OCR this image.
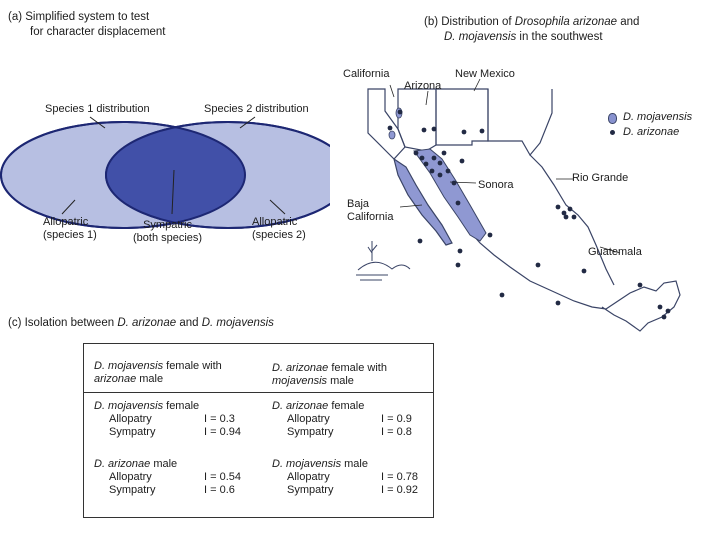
(a) Simplified system to test
for character displacement
Species 1 distribution	Species 2 distribution
Allopatric
(species 1)
Sympatric
(both species)
Allopatric
(species 2)
(b) Distribution of Drosophila arizonae and
D. mojavensis in the southwest
California
Arizona
New Mexico
Sonora
Baja
California
Rio Grande
Guatemala
D. mojavensis
D. arizonae
(c) Isolation between D. arizonae and D. mojavensis
D. mojavensis female with
arizonae male
D. arizonae female with
mojavensis male
D. mojavensis female
Allopatry	I = 0.3
Sympatry	I = 0.94
D. arizonae female
Allopatry	I = 0.9
Sympatry	I = 0.8
D. arizonae male
Allopatry	I = 0.54
Sympatry	I = 0.6
D. mojavensis male
Allopatry	I = 0.78
Sympatry	I = 0.92
